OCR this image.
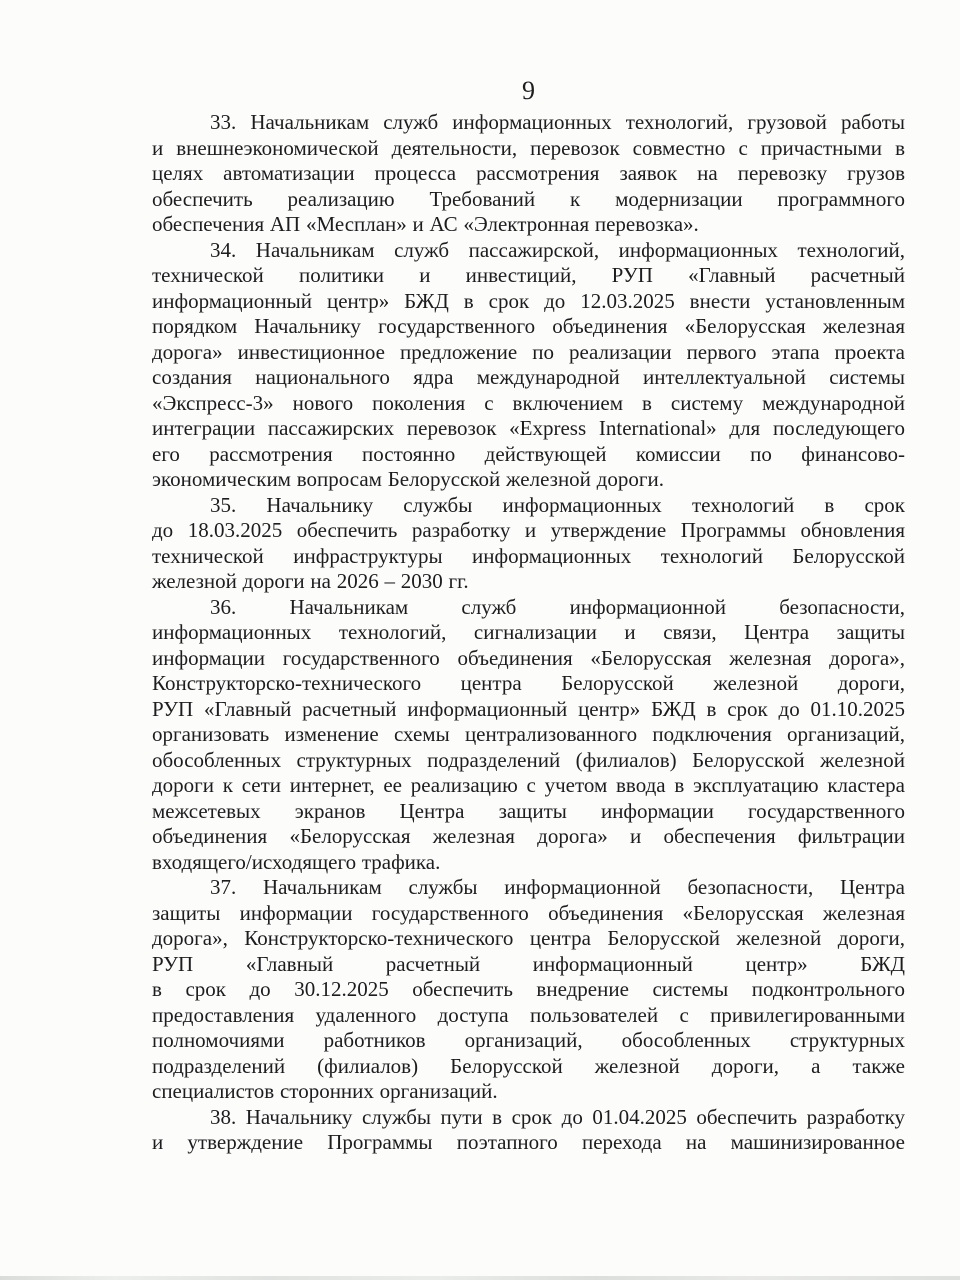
9
33. Начальникам служб информационных технологий, грузовой работы
и внешнеэкономической деятельности, перевозок совместно с причастными в
целях автоматизации процесса рассмотрения заявок на перевозку грузов
обеспечить реализацию Требований к модернизации программного
обеспечения АП «Месплан» и АС «Электронная перевозка».
34. Начальникам служб пассажирской, информационных технологий,
технической политики и инвестиций, РУП «Главный расчетный
информационный центр» БЖД в срок до 12.03.2025 внести установленным
порядком Начальнику государственного объединения «Белорусская железная
дорога» инвестиционное предложение по реализации первого этапа проекта
создания национального ядра международной интеллектуальной системы
«Экспресс-3» нового поколения с включением в систему международной
интеграции пассажирских перевозок «Express International» для последующего
его рассмотрения постоянно действующей комиссии по финансово-
экономическим вопросам Белорусской железной дороги.
35. Начальнику службы информационных технологий в срок
до 18.03.2025 обеспечить разработку и утверждение Программы обновления
технической инфраструктуры информационных технологий Белорусской
железной дороги на 2026 – 2030 гг.
36. Начальникам служб информационной безопасности,
информационных технологий, сигнализации и связи, Центра защиты
информации государственного объединения «Белорусская железная дорога»,
Конструкторско-технического центра Белорусской железной дороги,
РУП «Главный расчетный информационный центр» БЖД в срок до 01.10.2025
организовать изменение схемы централизованного подключения организаций,
обособленных структурных подразделений (филиалов) Белорусской железной
дороги к сети интернет, ее реализацию с учетом ввода в эксплуатацию кластера
межсетевых экранов Центра защиты информации государственного
объединения «Белорусская железная дорога» и обеспечения фильтрации
входящего/исходящего трафика.
37. Начальникам службы информационной безопасности, Центра
защиты информации государственного объединения «Белорусская железная
дорога», Конструкторско-технического центра Белорусской железной дороги,
РУП «Главный расчетный информационный центр» БЖД
в срок до 30.12.2025 обеспечить внедрение системы подконтрольного
предоставления удаленного доступа пользователей с привилегированными
полномочиями работников организаций, обособленных структурных
подразделений (филиалов) Белорусской железной дороги, а также
специалистов сторонних организаций.
38. Начальнику службы пути в срок до 01.04.2025 обеспечить разработку
и утверждение Программы поэтапного перехода на машинизированное
